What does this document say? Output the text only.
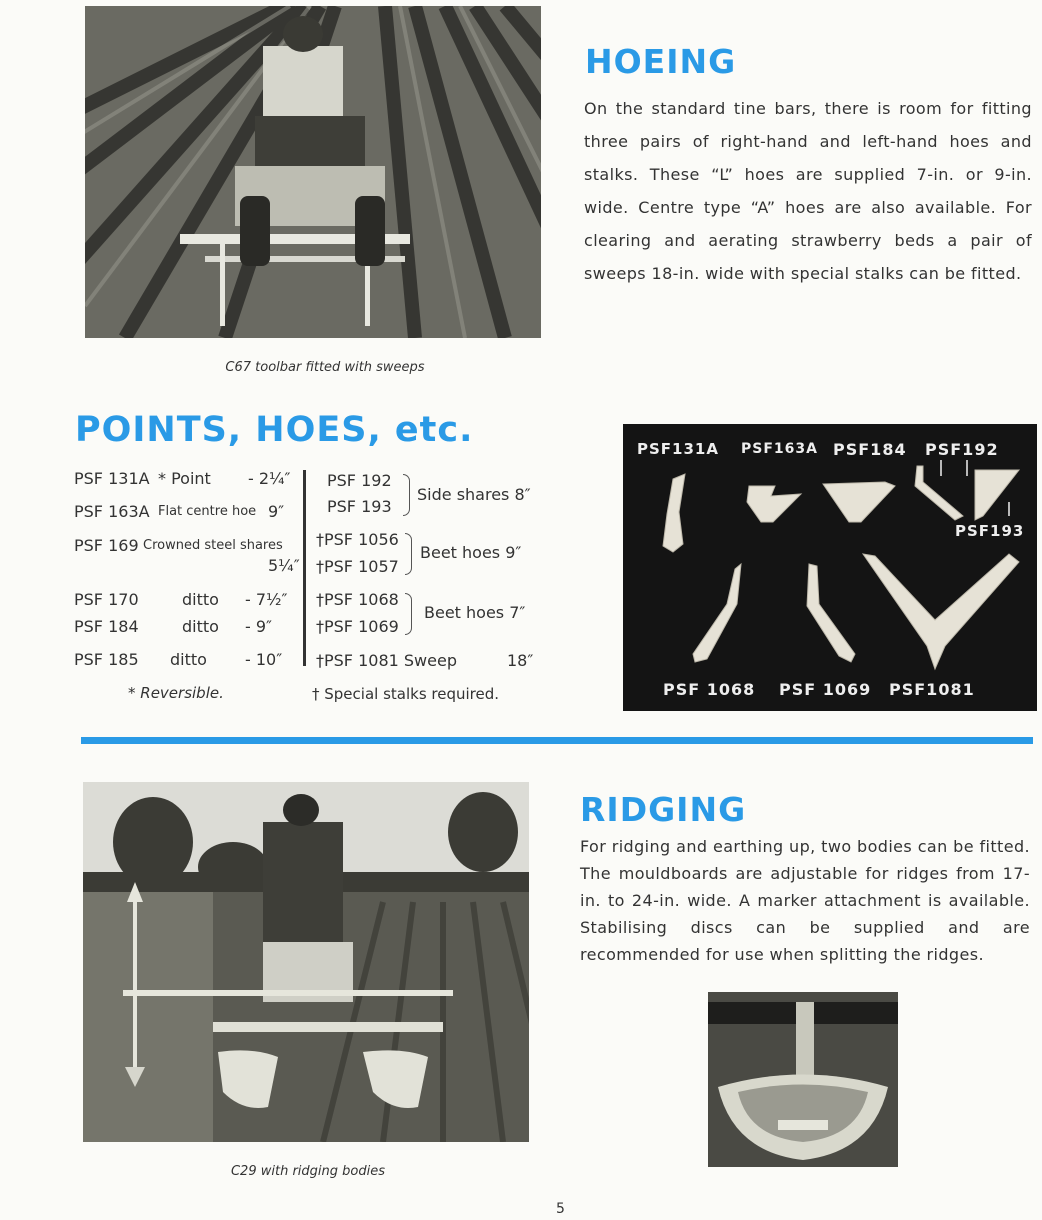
C67 toolbar fitted with sweeps
HOEING
On the standard tine bars, there is room for fitting three pairs of right-hand and left-hand hoes and stalks. These “L” hoes are supplied 7-in. or 9-in. wide. Centre type “A” hoes are also available. For clearing and aerating strawberry beds a pair of sweeps 18-in. wide with special stalks can be fitted.
POINTS, HOES, etc.
PSF 131A * Point - 2¼″
PSF 163A Flat centre hoe 9″
PSF 169 Crowned steel shares
5¼″
PSF 170	ditto - 7½″
PSF 184	ditto - 9″
PSF 185 ditto - 10″
* Reversible.
PSF 192
PSF 193
Side shares 8″
†PSF 1056
†PSF 1057
Beet hoes 9″
†PSF 1068
†PSF 1069
Beet hoes 7″
†PSF 1081 Sweep	18″
† Special stalks required.
PSF131A PSF163A PSF184 PSF192
PSF193
PSF 1068 PSF 1069 PSF1081
C29 with ridging bodies
RIDGING
For ridging and earthing up, two bodies can be fitted. The mouldboards are adjustable for ridges from 17-in. to 24-in. wide. A marker attachment is available. Stabilising discs can be supplied and are recommended for use when splitting the ridges.
5
